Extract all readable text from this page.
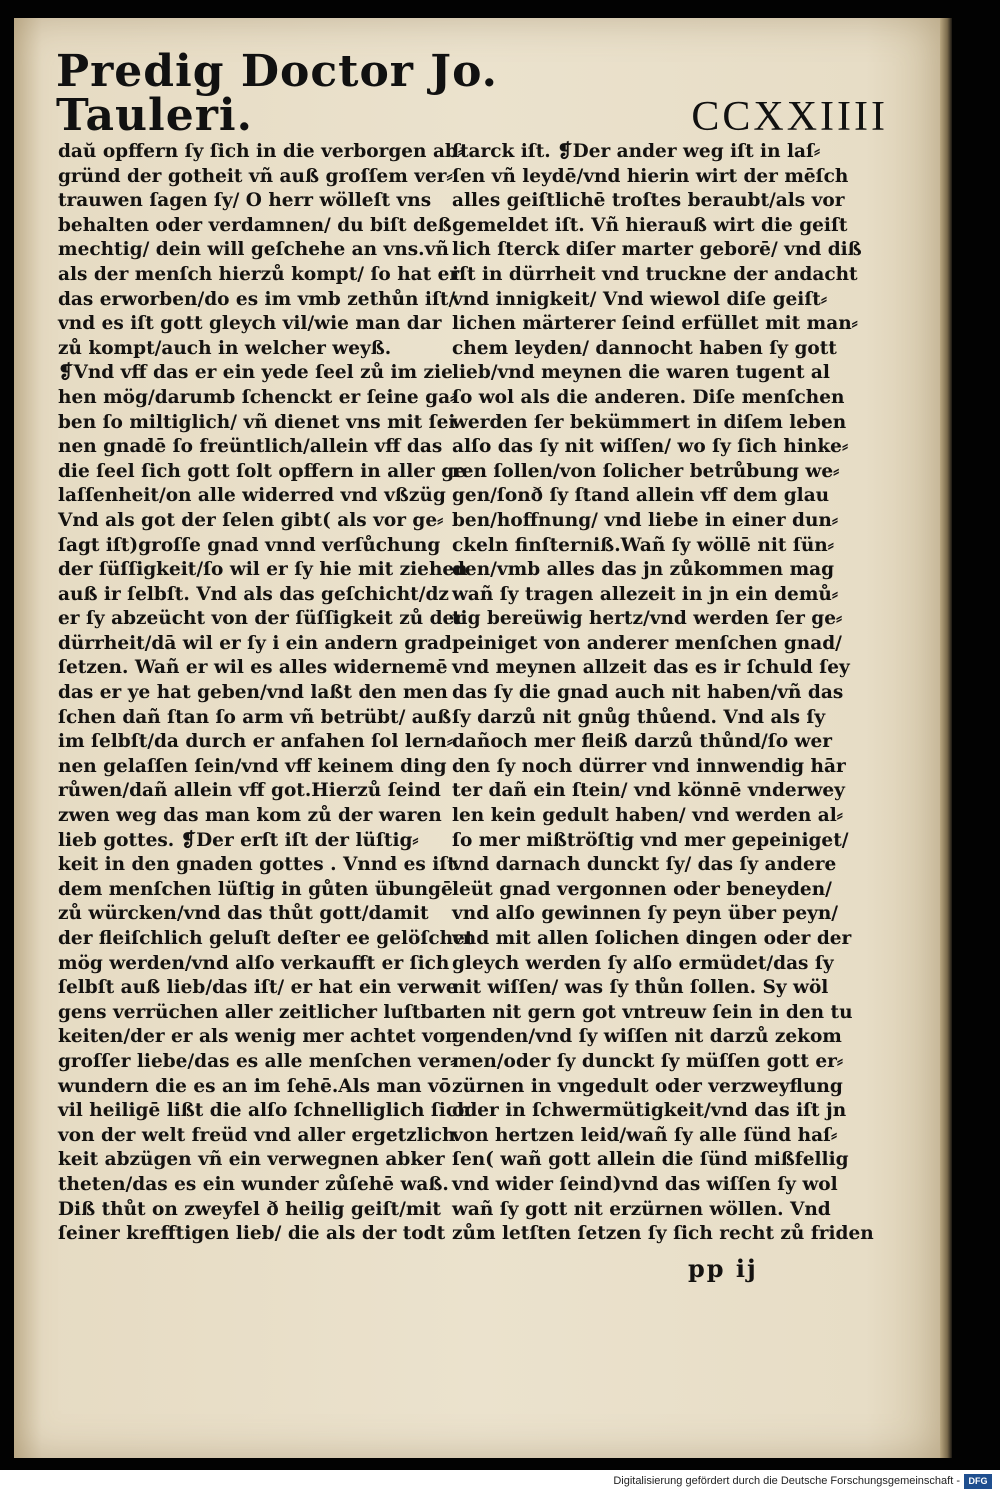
Predig Doctor Jo. Tauleri.	CCXXIIII
daŭ opffern ſy ſich in die verborgen ab⸗
gründ der gotheit vñ auß groſſem ver⸗
trauwen ſagen ſy/ O herr wölleſt vns
behalten oder verdamnen/ du biſt deß
mechtig/ dein will geſchehe an vns.vñ
als der menſch hierzů kompt/ ſo hat er
das erworben/do es im vmb zethůn iſt/
vnd es iſt gott gleych vil/wie man dar
zů kompt/auch in welcher weyß.
❡Vnd vff das er ein yede ſeel zů im zie
hen mög/darumb ſchenckt er ſeine ga⸗
ben ſo miltiglich/ vñ dienet vns mit ſei
nen gnadē ſo freüntlich/allein vff das
die ſeel ſich gott ſolt opffern in aller ge
laſſenheit/on alle widerred vnd vßzüg
Vnd als got der ſelen gibt( als vor ge⸗
ſagt iſt)groſſe gnad vnnd verſůchung
der ſüſſigkeit/ſo wil er ſy hie mit ziehen
auß ir ſelbſt. Vnd als das geſchicht/dz
er ſy abzeücht von der ſüſſigkeit zů der
dürrheit/dā wil er ſy i ein andern grad
ſetzen. Wañ er wil es alles widernemē
das er ye hat geben/vnd laßt den men
ſchen dañ ſtan ſo arm vñ betrübt/ auß
im ſelbſt/da durch er anfahen ſol lern⸗
nen gelaſſen ſein/vnd vff keinem ding
růwen/dañ allein vff got.Hierzů ſeind
zwen weg das man kom zů der waren
lieb gottes. ❡Der erſt iſt der lüſtig⸗
keit in den gnaden gottes . Vnnd es iſt
dem menſchen lüſtig in gůten übungē
zů würcken/vnd das thůt gott/damit
der fleiſchlich geluſt deſter ee gelöſchet
mög werden/vnd alſo verkaufft er ſich
ſelbſt auß lieb/das iſt/ er hat ein verwe
gens verrüchen aller zeitlicher luſtbar
keiten/der er als wenig mer achtet von
groſſer liebe/das es alle menſchen ver⸗
wundern die es an im ſehē.Als man vō
vil heiligē lißt die alſo ſchnelliglich ſich
von der welt freüd vnd aller ergetzlich
keit abzügen vñ ein verwegnen abker
theten/das es ein wunder zůſehē waß.
Diß thůt on zweyfel ð heilig geiſt/mit
ſeiner krefftigen lieb/ die als der todt
ſtarck iſt. ❡Der ander weg iſt in laſ⸗
ſen vñ leydē/vnd hierin wirt der mēſch
alles geiſtlichē troſtes beraubt/als vor
gemeldet iſt. Vñ hierauß wirt die geiſt
lich ſterck diſer marter geborē/ vnd diß
iſt in dürrheit vnd truckne der andacht
vnd innigkeit/ Vnd wiewol diſe geiſt⸗
lichen märterer ſeind erfüllet mit man⸗
chem leyden/ dannocht haben ſy gott
lieb/vnd meynen die waren tugent al
ſo wol als die anderen. Diſe menſchen
werden ſer bekümmert in diſem leben
alſo das ſy nit wiſſen/ wo ſy ſich hinke⸗
ren ſollen/von ſolicher betrůbung we⸗
gen/ſonð ſy ſtand allein vff dem glau
ben/hoffnung/ vnd liebe in einer dun⸗
ckeln finſterniß.Wañ ſy wöllē nit ſün⸗
den/vmb alles das jn zůkommen mag
wañ ſy tragen allezeit in jn ein demů⸗
tig bereüwig hertz/vnd werden ſer ge⸗
peiniget von anderer menſchen gnad/
vnd meynen allzeit das es ir ſchuld ſey
das ſy die gnad auch nit haben/vñ das
ſy darzů nit gnůg thůend. Vnd als ſy
dañoch mer fleiß darzů thůnd/ſo wer
den ſy noch dürrer vnd innwendig hār
ter dañ ein ſtein/ vnd könnē vnderwey
len kein gedult haben/ vnd werden al⸗
ſo mer mißtröſtig vnd mer gepeiniget/
vnd darnach dunckt ſy/ das ſy andere
leüt gnad vergonnen oder beneyden/
vnd alſo gewinnen ſy peyn über peyn/
vnd mit allen ſolichen dingen oder der
gleych werden ſy alſo ermüdet/das ſy
nit wiſſen/ was ſy thůn ſollen. Sy wöl
ten nit gern got vntreuw ſein in den tu
genden/vnd ſy wiſſen nit darzů zekom
men/oder ſy dunckt ſy müſſen gott er⸗
zürnen in vngedult oder verzweyflung
oder in ſchwermütigkeit/vnd das iſt jn
von hertzen leid/wañ ſy alle ſünd haſ⸗
ſen( wañ gott allein die ſünd mißfellig
vnd wider ſeind)vnd das wiſſen ſy wol
wañ ſy gott nit erzürnen wöllen. Vnd
zům letſten ſetzen ſy ſich recht zů friden
pp ij
Digitalisierung gefördert durch die Deutsche Forschungsgemeinschaft - DFG
